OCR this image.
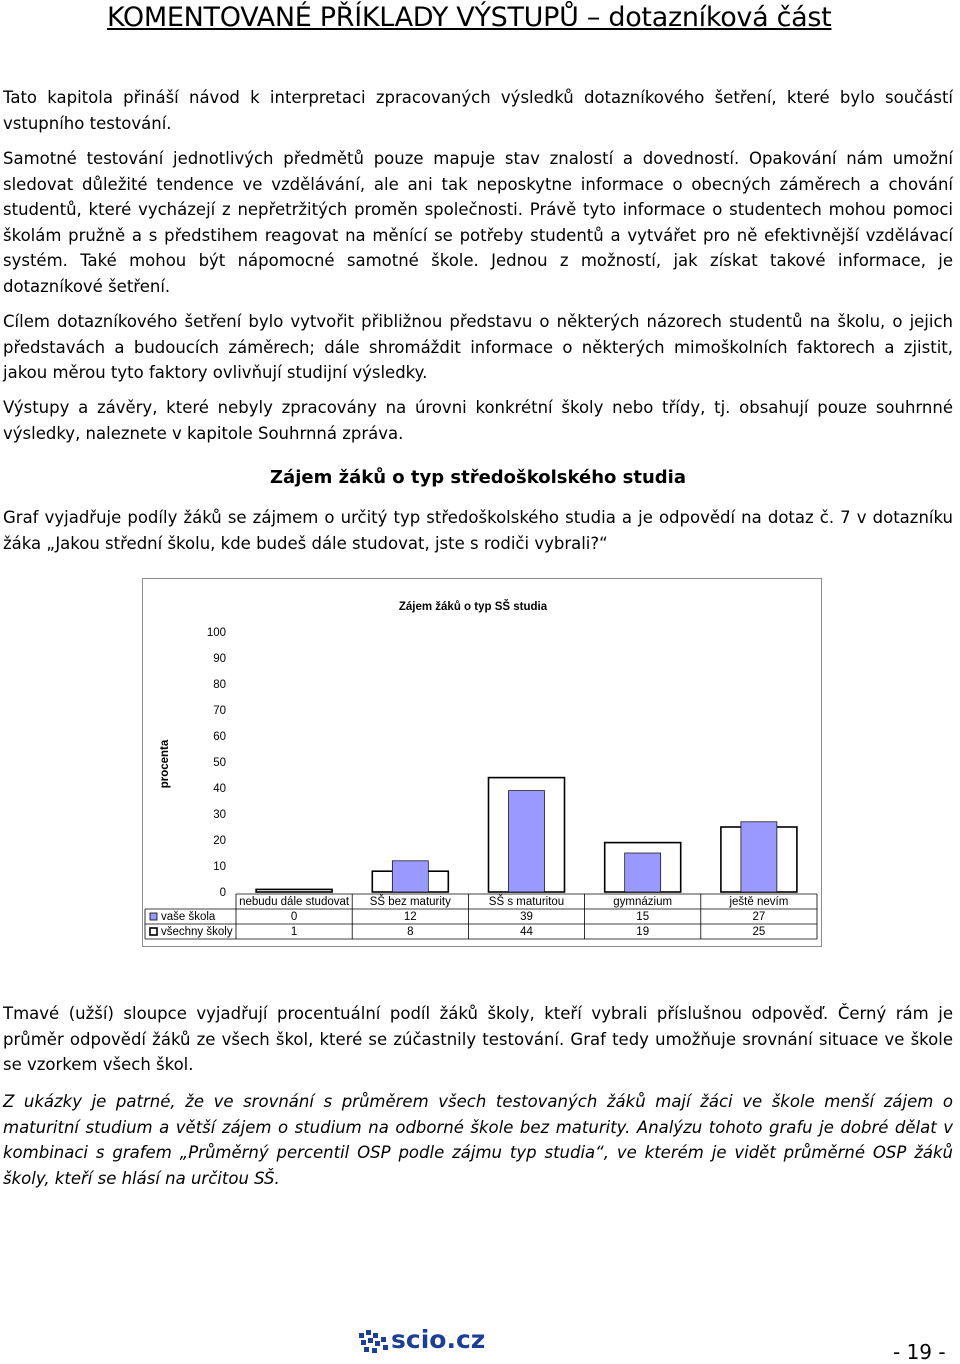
KOMENTOVANÉ PŘÍKLADY VÝSTUPŮ – dotazníková část

Tato kapitola přináší návod k interpretaci zpracovaných výsledků dotazníkového šetření, které bylo součástí vstupního testování.

Samotné testování jednotlivých předmětů pouze mapuje stav znalostí a dovedností. Opakování nám umožní sledovat důležité tendence ve vzdělávání, ale ani tak neposkytne informace o obecných záměrech a chování studentů, které vycházejí z nepřetržitých proměn společnosti. Právě tyto informace o studentech mohou pomoci školám pružně a s předstihem reagovat na měnící se potřeby studentů a vytvářet pro ně efektivnější vzdělávací systém. Také mohou být nápomocné samotné škole. Jednou z možností, jak získat takové informace, je dotazníkové šetření.

Cílem dotazníkového šetření bylo vytvořit přibližnou představu o některých názorech studentů na školu, o jejich představách a budoucích záměrech; dále shromáždit informace o některých mimoškolních faktorech a zjistit, jakou měrou tyto faktory ovlivňují studijní výsledky.

Výstupy a závěry, které nebyly zpracovány na úrovni konkrétní školy nebo třídy, tj. obsahují pouze souhrnné výsledky, naleznete v kapitole Souhrnná zpráva.

Zájem žáků o typ středoškolského studia

Graf vyjadřuje podíly žáků se zájmem o určitý typ středoškolského studia a je odpovědí na dotaz č. 7 v dotazníku žáka „Jakou střední školu, kde budeš dále studovat, jste s rodiči vybrali?“

Zájem žáků o typ SŠ studia
procenta
0
10
20
30
40
50
60
70
80
90
100
nebudu dále studovat
0
1
SŠ bez maturity
12
8
SŠ s maturitou
39
44
gymnázium
15
19
ještě nevím
27
25
vaše škola
všechny školy

Tmavé (užší) sloupce vyjadřují procentuální podíl žáků školy, kteří vybrali příslušnou odpověď. Černý rám je průměr odpovědí žáků ze všech škol, které se zúčastnily testování. Graf tedy umožňuje srovnání situace ve škole se vzorkem všech škol.

Z ukázky je patrné, že ve srovnání s průměrem všech testovaných žáků mají žáci ve škole menší zájem o maturitní studium a větší zájem o studium na odborné škole bez maturity. Analýzu tohoto grafu je dobré dělat v kombinaci s grafem „Průměrný percentil OSP podle zájmu typ studia“, ve kterém je vidět průměrné OSP žáků školy, kteří se hlásí na určitou SŠ.

scio.cz	- 19 -
